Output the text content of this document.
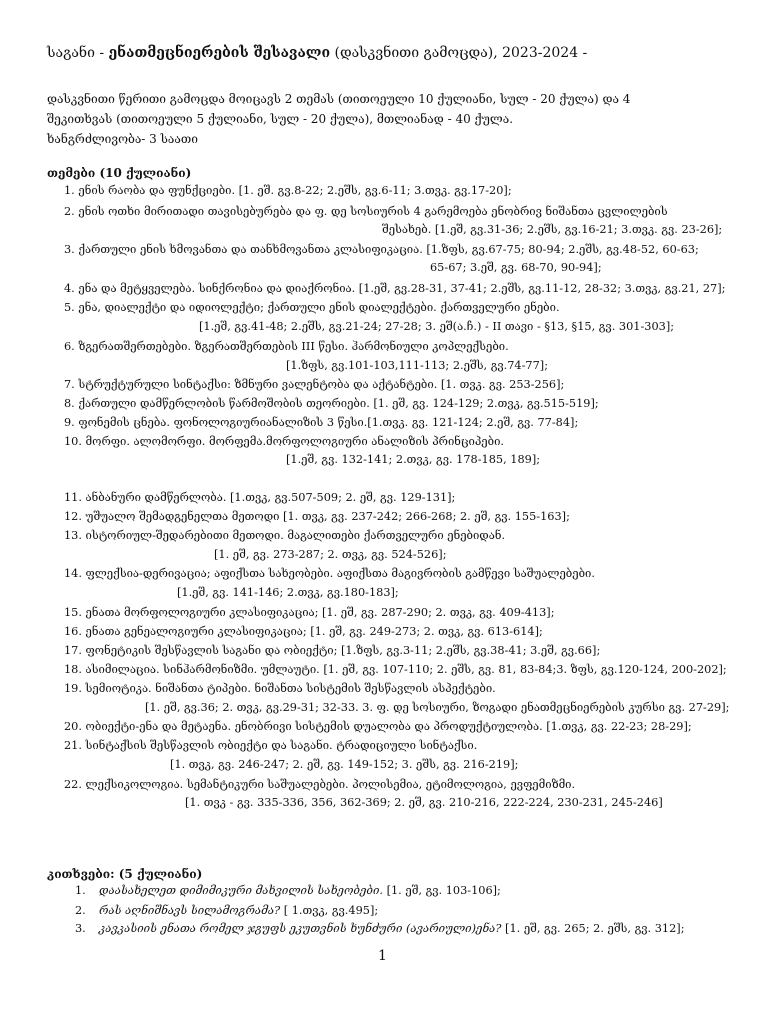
საგანი - ენათმეცნიერების შესავალი (დასკვნითი გამოცდა), 2023-2024 -
დასკვნითი წერითი გამოცდა მოიცავს 2 თემას (თითოეული 10 ქულიანი, სულ - 20 ქულა) და 4
შეკითხვას (თითოეული 5 ქულიანი, სულ - 20 ქულა), მთლიანად - 40 ქულა.
ხანგრძლივობა- 3 საათი
თემები (10 ქულიანი)
1. ენის რაობა და ფუნქციები. [1. ეშ. გვ.8-22; 2.ეშს, გვ.6-11; 3.თვკ. გვ.17-20];
2. ენის ოთხი მირითადი თავისებურება და ფ. დე სოსიურის 4 გარემოება ენობრივ ნიშანთა ცვლილების
შესახებ. [1.ეშ, გვ.31-36; 2.ეშს, გვ.16-21; 3.თვკ. გვ. 23-26];
3. ქართული ენის ხმოვანთა და თანხმოვანთა კლასიფიკაცია. [1.ზფს, გვ.67-75; 80-94; 2.ეშს, გვ.48-52, 60-63;
65-67; 3.ეშ, გვ. 68-70, 90-94];
4. ენა და მეტყველება. სინქრონია და დიაქრონია. [1.ეშ, გვ.28-31, 37-41; 2.ეშს, გვ.11-12, 28-32; 3.თვკ, გვ.21, 27];
5. ენა, დიალექტი და იდიოლექტი; ქართული ენის დიალექტები. ქართველური ენები.
[1.ეშ, გვ.41-48; 2.ეშს, გვ.21-24; 27-28; 3. ეშ(ა.ჩ.) - II თავი - §13, §15, გვ. 301-303];
6. ზგერათშერთებები. ზგერათშერთების III წესი. ჰარმონიული კოპლექსები.
[1.ზფს, გვ.101-103,111-113; 2.ეშს, გვ.74-77];
7. სტრუქტურული სინტაქსი: ზმნური ვალენტობა და აქტანტები. [1. თვკ. გვ. 253-256];
8. ქართული დამწერლობის წარმოშობის თეორიები. [1. ეშ, გვ. 124-129; 2.თვკ, გვ.515-519];
9. ფონემის ცნება. ფონოლოგიურიანალიზის 3 წესი.[1.თვკ. გვ. 121-124; 2.ეშ, გვ. 77-84];
10. მორფი. ალომორფი. მორფემა.მორფოლოგიური ანალიზის პრინციპები.
[1.ეშ, გვ. 132-141; 2.თვკ, გვ. 178-185, 189];
11. ანბანური დამწერლობა. [1.თვკ, გვ.507-509; 2. ეშ, გვ. 129-131];
12. უშუალო შემადგენელთა მეთოდი [1. თვკ, გვ. 237-242; 266-268; 2. ეშ, გვ. 155-163];
13. ისტორიულ-შედარებითი მეთოდი. მაგალითები ქართველური ენებიდან.
[1. ეშ, გვ. 273-287; 2. თვკ, გვ. 524-526];
14. ფლექსია-დერივაცია; აფიქსთა სახეობები. აფიქსთა მაგივრობის გამწევი საშუალებები.
[1.ეშ, გვ. 141-146; 2.თვკ, გვ.180-183];
15. ენათა მორფოლოგიური კლასიფიკაცია; [1. ეშ, გვ. 287-290; 2. თვკ, გვ. 409-413];
16. ენათა გენეალოგიური კლასიფიკაცია; [1. ეშ, გვ. 249-273; 2. თვკ, გვ. 613-614];
17. ფონეტიკის შესწავლის საგანი და ობიექტი; [1.ზფს, გვ.3-11; 2.ეშს, გვ.38-41; 3.ეშ, გვ.66];
18. ასიმილაცია. სინჰარმონიზმი. უმლაუტი. [1. ეშ, გვ. 107-110; 2. ეშს, გვ. 81, 83-84;3. ზფს, გვ.120-124, 200-202];
19. სემიოტიკა. ნიშანთა ტიპები. ნიშანთა სისტემის შესწავლის ასპექტები.
[1. ეშ, გვ.36; 2. თვკ, გვ.29-31; 32-33. 3. ფ. დე სოსიური, ზოგადი ენათმეცნიერების კურსი გვ. 27-29];
20. ობიექტი-ენა და მეტაენა. ენობრივი სისტემის დუალობა და პროდუქტიულობა. [1.თვკ, გვ. 22-23; 28-29];
21. სინტაქსის შესწავლის ობიექტი და საგანი. ტრადიციული სინტაქსი.
[1. თვკ, გვ. 246-247; 2. ეშ, გვ. 149-152; 3. ეშს, გვ. 216-219];
22. ლექსიკოლოგია. სემანტიკური საშუალებები. პოლისემია, ეტიმოლოგია, ევფემიზმი.
[1. თვკ - გვ. 335-336, 356, 362-369; 2. ეშ, გვ. 210-216, 222-224, 230-231, 245-246]
კითხვები: (5 ქულიანი)
1. დაასახელეთ დიმიმიკური მახვილის სახეობები. [1. ეშ, გვ. 103-106];
2. რას აღნიშნავს სილამოგრამა? [ 1.თვკ, გვ.495];
3. კავკასიის ენათა რომელ ჯგუფს ეკუთვნის ხუნძური (ავარიული)ენა? [1. ეშ, გვ. 265; 2. ეშს, გვ. 312];
1
